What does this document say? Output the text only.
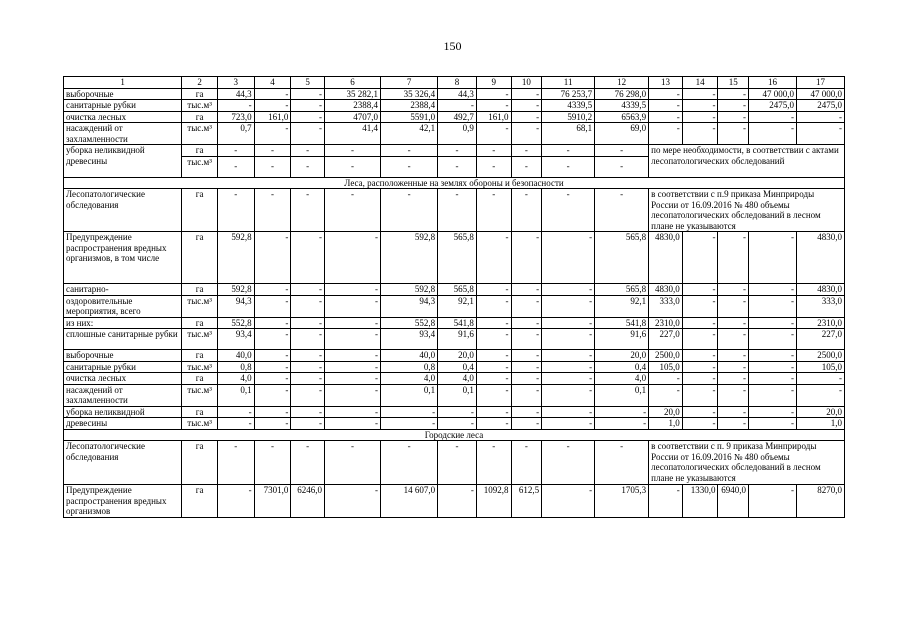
150
1	2	3	4	5	6	7	8	9	10	11	12	13	14	15	16	17
выборочные	га	44,3	-	-	35 282,1	35 326,4	44,3	-	-	76 253,7	76 298,0	-	-	-	47 000,0	47 000,0
санитарные рубки	тыс.м³	-	-	-	2388,4	2388,4	-	-	-	4339,5	4339,5	-	-	-	2475,0	2475,0
очистка лесных	га	723,0	161,0	-	4707,0	5591,0	492,7	161,0	-	5910,2	6563,9	-	-	-	-	-
насаждений от захламленности	тыс.м³	0,7	-	-	41,4	42,1	0,9	-	-	68,1	69,0	-	-	-	-	-
уборка неликвидной древесины	га	-	-	-	-	-	-	-	-	-	-	по мере необходимости, в соответствии с актами лесопатологических обследований				
	тыс.м³	-	-	-	-	-	-	-	-	-	-					
Леса, расположенные на землях обороны и безопасности																
Лесопатологические обследования	га	-	-	-	-	-	-	-	-	-	-	в соответствии с п.9 приказа Минприроды России от 16.09.2016 № 480 объемы лесопатологических обследований в лесном плане не указываются				
Предупреждение распространения вредных организмов, в том числе	га	592,8	-	-	-	592,8	565,8	-	-	-	565,8	4830,0	-	-	-	4830,0
санитарно-	га	592,8	-	-	-	592,8	565,8	-	-	-	565,8	4830,0	-	-	-	4830,0
оздоровительные мероприятия, всего	тыс.м³	94,3	-	-	-	94,3	92,1	-	-	-	92,1	333,0	-	-	-	333,0
из них:	га	552,8	-	-	-	552,8	541,8	-	-	-	541,8	2310,0	-	-	-	2310,0
сплошные санитарные рубки	тыс.м³	93,4	-	-	-	93,4	91,6	-	-	-	91,6	227,0	-	-	-	227,0
выборочные	га	40,0	-	-	-	40,0	20,0	-	-	-	20,0	2500,0	-	-	-	2500,0
санитарные рубки	тыс.м³	0,8	-	-	-	0,8	0,4	-	-	-	0,4	105,0	-	-	-	105,0
очистка лесных	га	4,0	-	-	-	4,0	4,0	-	-	-	4,0	-	-	-	-	-
насаждений от захламленности	тыс.м³	0,1	-	-	-	0,1	0,1	-	-	-	0,1	-	-	-	-	-
уборка неликвидной	га	-	-	-	-	-	-	-	-	-	-	20,0	-	-	-	20,0
древесины	тыс.м³	-	-	-	-	-	-	-	-	-	-	1,0	-	-	-	1,0
Городские леса																
Лесопатологические обследования	га	-	-	-	-	-	-	-	-	-	-	в соответствии с п. 9 приказа Минприроды России от 16.09.2016 № 480 объемы лесопатологических обследований в лесном плане не указываются				
Предупреждение распространения вредных организмов	га	-	7301,0	6246,0	-	14 607,0	-	1092,8	612,5	-	1705,3	-	1330,0	6940,0	-	8270,0
